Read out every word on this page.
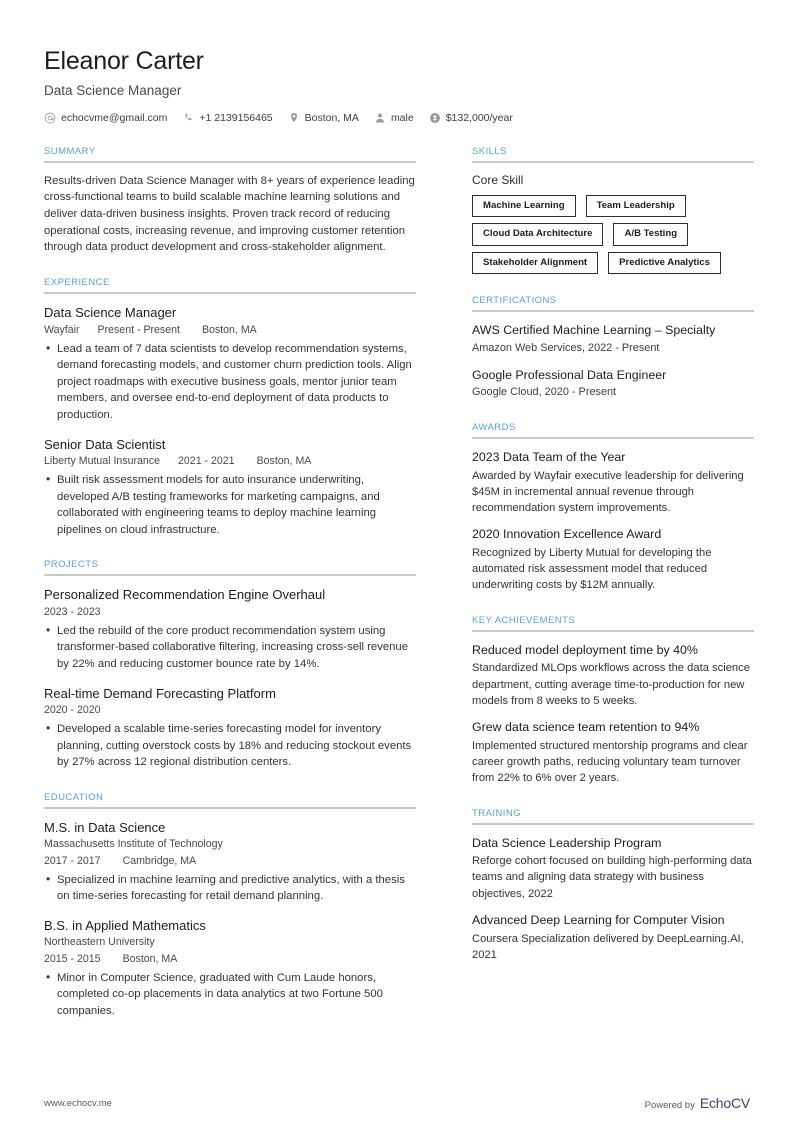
Eleanor Carter
Data Science Manager
echocvme@gmail.com	+1 2139156465	Boston, MA	male	$132,000/year
SUMMARY
Results-driven Data Science Manager with 8+ years of experience leading cross-functional teams to build scalable machine learning solutions and deliver data-driven business insights. Proven track record of reducing operational costs, increasing revenue, and improving customer retention through data product development and cross-stakeholder alignment.
EXPERIENCE
Data Science Manager
Wayfair Present - Present Boston, MA
• Lead a team of 7 data scientists to develop recommendation systems, demand forecasting models, and customer churn prediction tools. Align project roadmaps with executive business goals, mentor junior team members, and oversee end-to-end deployment of data products to production.
Senior Data Scientist
Liberty Mutual Insurance 2021 - 2021 Boston, MA
• Built risk assessment models for auto insurance underwriting, developed A/B testing frameworks for marketing campaigns, and collaborated with engineering teams to deploy machine learning pipelines on cloud infrastructure.
PROJECTS
Personalized Recommendation Engine Overhaul
2023 - 2023
• Led the rebuild of the core product recommendation system using transformer-based collaborative filtering, increasing cross-sell revenue by 22% and reducing customer bounce rate by 14%.
Real-time Demand Forecasting Platform
2020 - 2020
• Developed a scalable time-series forecasting model for inventory planning, cutting overstock costs by 18% and reducing stockout events by 27% across 12 regional distribution centers.
EDUCATION
M.S. in Data Science
Massachusetts Institute of Technology
2017 - 2017 Cambridge, MA
• Specialized in machine learning and predictive analytics, with a thesis on time-series forecasting for retail demand planning.
B.S. in Applied Mathematics
Northeastern University
2015 - 2015 Boston, MA
• Minor in Computer Science, graduated with Cum Laude honors, completed co-op placements in data analytics at two Fortune 500 companies.
SKILLS
Core Skill
Machine Learning	Team Leadership
Cloud Data Architecture	A/B Testing
Stakeholder Alignment	Predictive Analytics
CERTIFICATIONS
AWS Certified Machine Learning – Specialty
Amazon Web Services, 2022 - Present
Google Professional Data Engineer
Google Cloud, 2020 - Present
AWARDS
2023 Data Team of the Year
Awarded by Wayfair executive leadership for delivering $45M in incremental annual revenue through recommendation system improvements.
2020 Innovation Excellence Award
Recognized by Liberty Mutual for developing the automated risk assessment model that reduced underwriting costs by $12M annually.
KEY ACHIEVEMENTS
Reduced model deployment time by 40%
Standardized MLOps workflows across the data science department, cutting average time-to-production for new models from 8 weeks to 5 weeks.
Grew data science team retention to 94%
Implemented structured mentorship programs and clear career growth paths, reducing voluntary team turnover from 22% to 6% over 2 years.
TRAINING
Data Science Leadership Program
Reforge cohort focused on building high-performing data teams and aligning data strategy with business objectives, 2022
Advanced Deep Learning for Computer Vision
Coursera Specialization delivered by DeepLearning.AI, 2021
www.echocv.me	Powered by EchoCV
